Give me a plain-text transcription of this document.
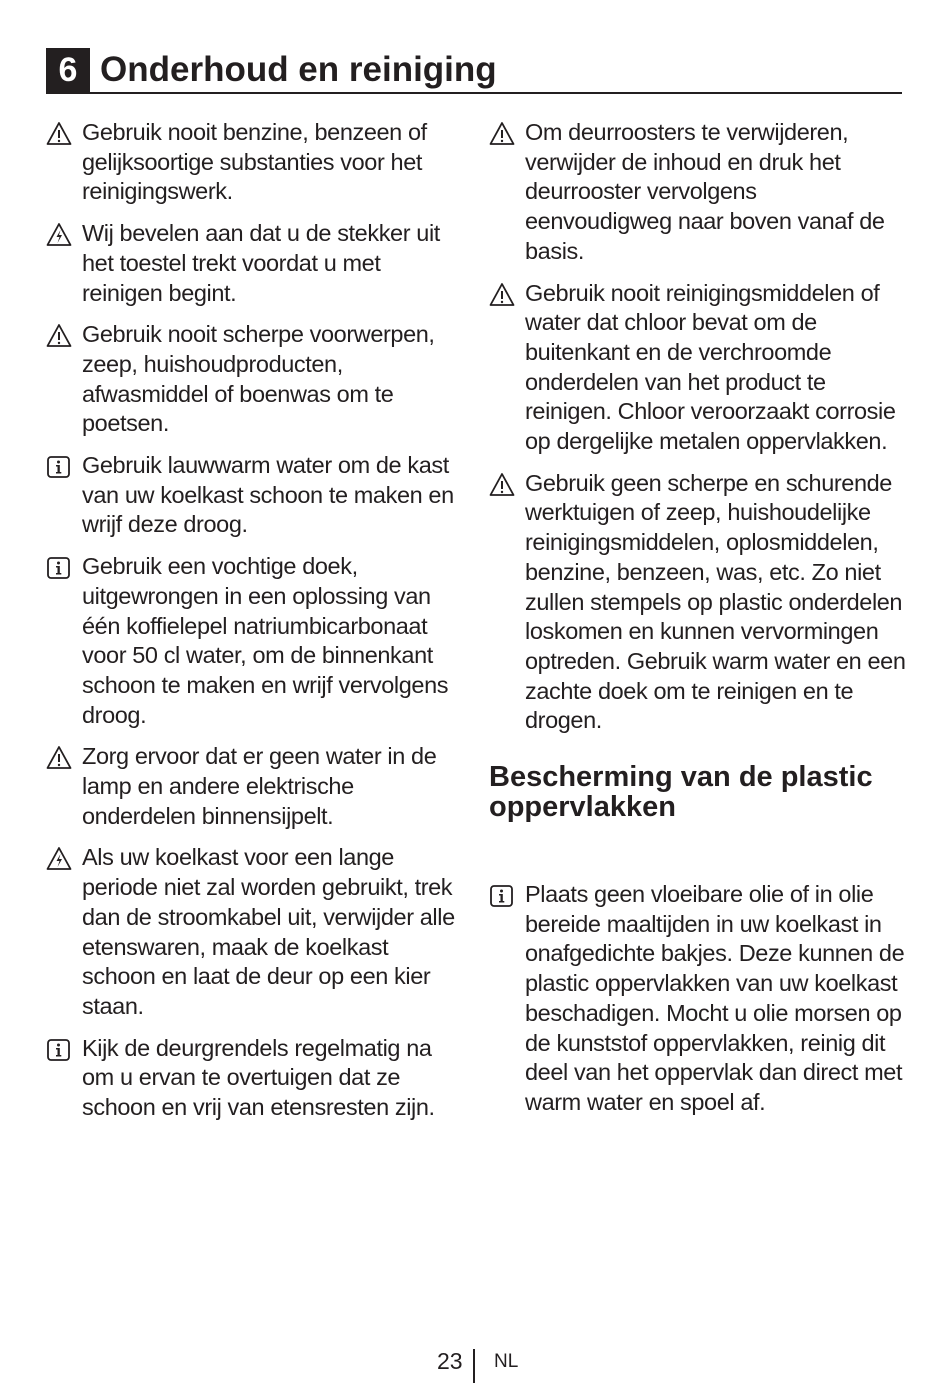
6 Onderhoud en reiniging
Gebruik nooit benzine, benzeen of gelijksoortige substanties voor het reinigingswerk.
Wij bevelen aan dat u de stekker uit het toestel trekt voordat u met reinigen begint.
Gebruik nooit scherpe voorwerpen, zeep, huishoudproducten, afwasmiddel of boenwas om te poetsen.
Gebruik lauwwarm water om de kast van uw koelkast schoon te maken en wrijf deze droog.
Gebruik een vochtige doek, uitgewrongen in een oplossing van één koffielepel natriumbicarbonaat voor 50 cl water, om de binnenkant schoon te maken en wrijf vervolgens droog.
Zorg ervoor dat er geen water in de lamp en andere elektrische onderdelen binnensijpelt.
Als uw koelkast voor een lange periode niet zal worden gebruikt, trek dan de stroomkabel uit, verwijder alle etenswaren, maak de koelkast schoon en laat de deur op een kier staan.
Kijk de deurgrendels regelmatig na om u ervan te overtuigen dat ze schoon en vrij van etensresten zijn.
Om deurroosters te verwijderen, verwijder de inhoud en druk het deurrooster vervolgens eenvoudigweg naar boven vanaf de basis.
Gebruik nooit reinigingsmiddelen of water dat chloor bevat om de buitenkant en de verchroomde onderdelen van het product te reinigen. Chloor veroorzaakt corrosie op dergelijke metalen oppervlakken.
Gebruik geen scherpe en schurende werktuigen of zeep, huishoudelijke reinigingsmiddelen, oplosmiddelen, benzine, benzeen, was, etc. Zo niet zullen stempels op plastic onderdelen loskomen en kunnen vervormingen optreden. Gebruik warm water en een zachte doek om te reinigen en te drogen.
Bescherming van de plastic oppervlakken
Plaats geen vloeibare olie of in olie bereide maaltijden in uw koelkast in onafgedichte bakjes. Deze kunnen de plastic oppervlakken van uw koelkast beschadigen. Mocht u olie morsen op de kunststof oppervlakken, reinig dit deel van het oppervlak dan direct met warm water en spoel af.
23 NL
